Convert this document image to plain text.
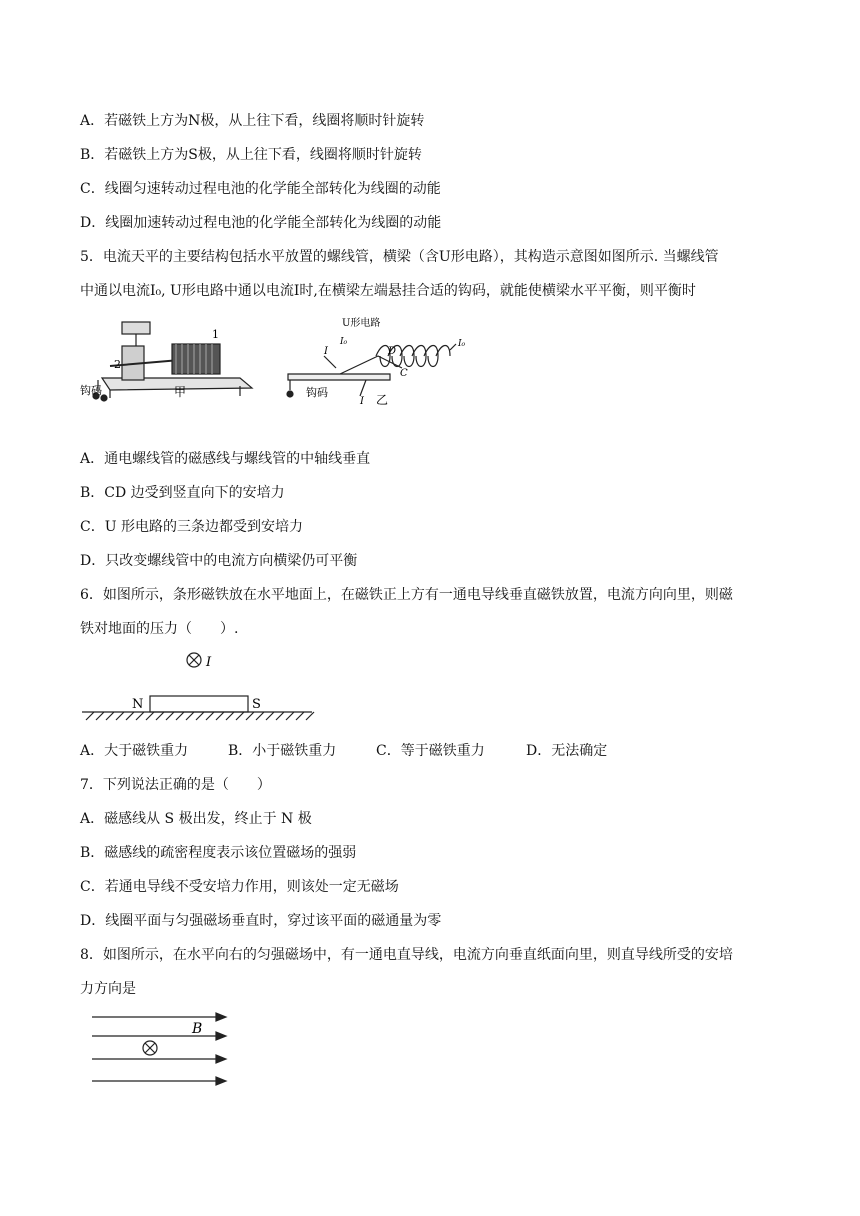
A．若磁铁上方为N极，从上往下看，线圈将顺时针旋转
B．若磁铁上方为S极，从上往下看，线圈将顺时针旋转
C．线圈匀速转动过程电池的化学能全部转化为线圈的动能
D．线圈加速转动过程电池的化学能全部转化为线圈的动能
5．电流天平的主要结构包括水平放置的螺线管，横梁（含U形电路），其构造示意图如图所示. 当螺线管
中通以电流I₀, U形电路中通以电流I时,在横梁左端悬挂合适的钩码，就能使横梁水平平衡，则平衡时
1
2
钩码	甲
U形电路
I₀
I	D
C
I₀
I
钩码
乙
A．通电螺线管的磁感线与螺线管的中轴线垂直
B．CD 边受到竖直向下的安培力
C．U 形电路的三条边都受到安培力
D．只改变螺线管中的电流方向横梁仍可平衡
6．如图所示，条形磁铁放在水平地面上，在磁铁正上方有一通电导线垂直磁铁放置，电流方向向里，则磁
铁对地面的压力（　　）.
I
N	S
A．大于磁铁重力	B．小于磁铁重力	C．等于磁铁重力	D．无法确定
7．下列说法正确的是（　　）
A．磁感线从 S 极出发，终止于 N 极
B．磁感线的疏密程度表示该位置磁场的强弱
C．若通电导线不受安培力作用，则该处一定无磁场
D．线圈平面与匀强磁场垂直时，穿过该平面的磁通量为零
8．如图所示，在水平向右的匀强磁场中，有一通电直导线，电流方向垂直纸面向里，则直导线所受的安培
力方向是
B
